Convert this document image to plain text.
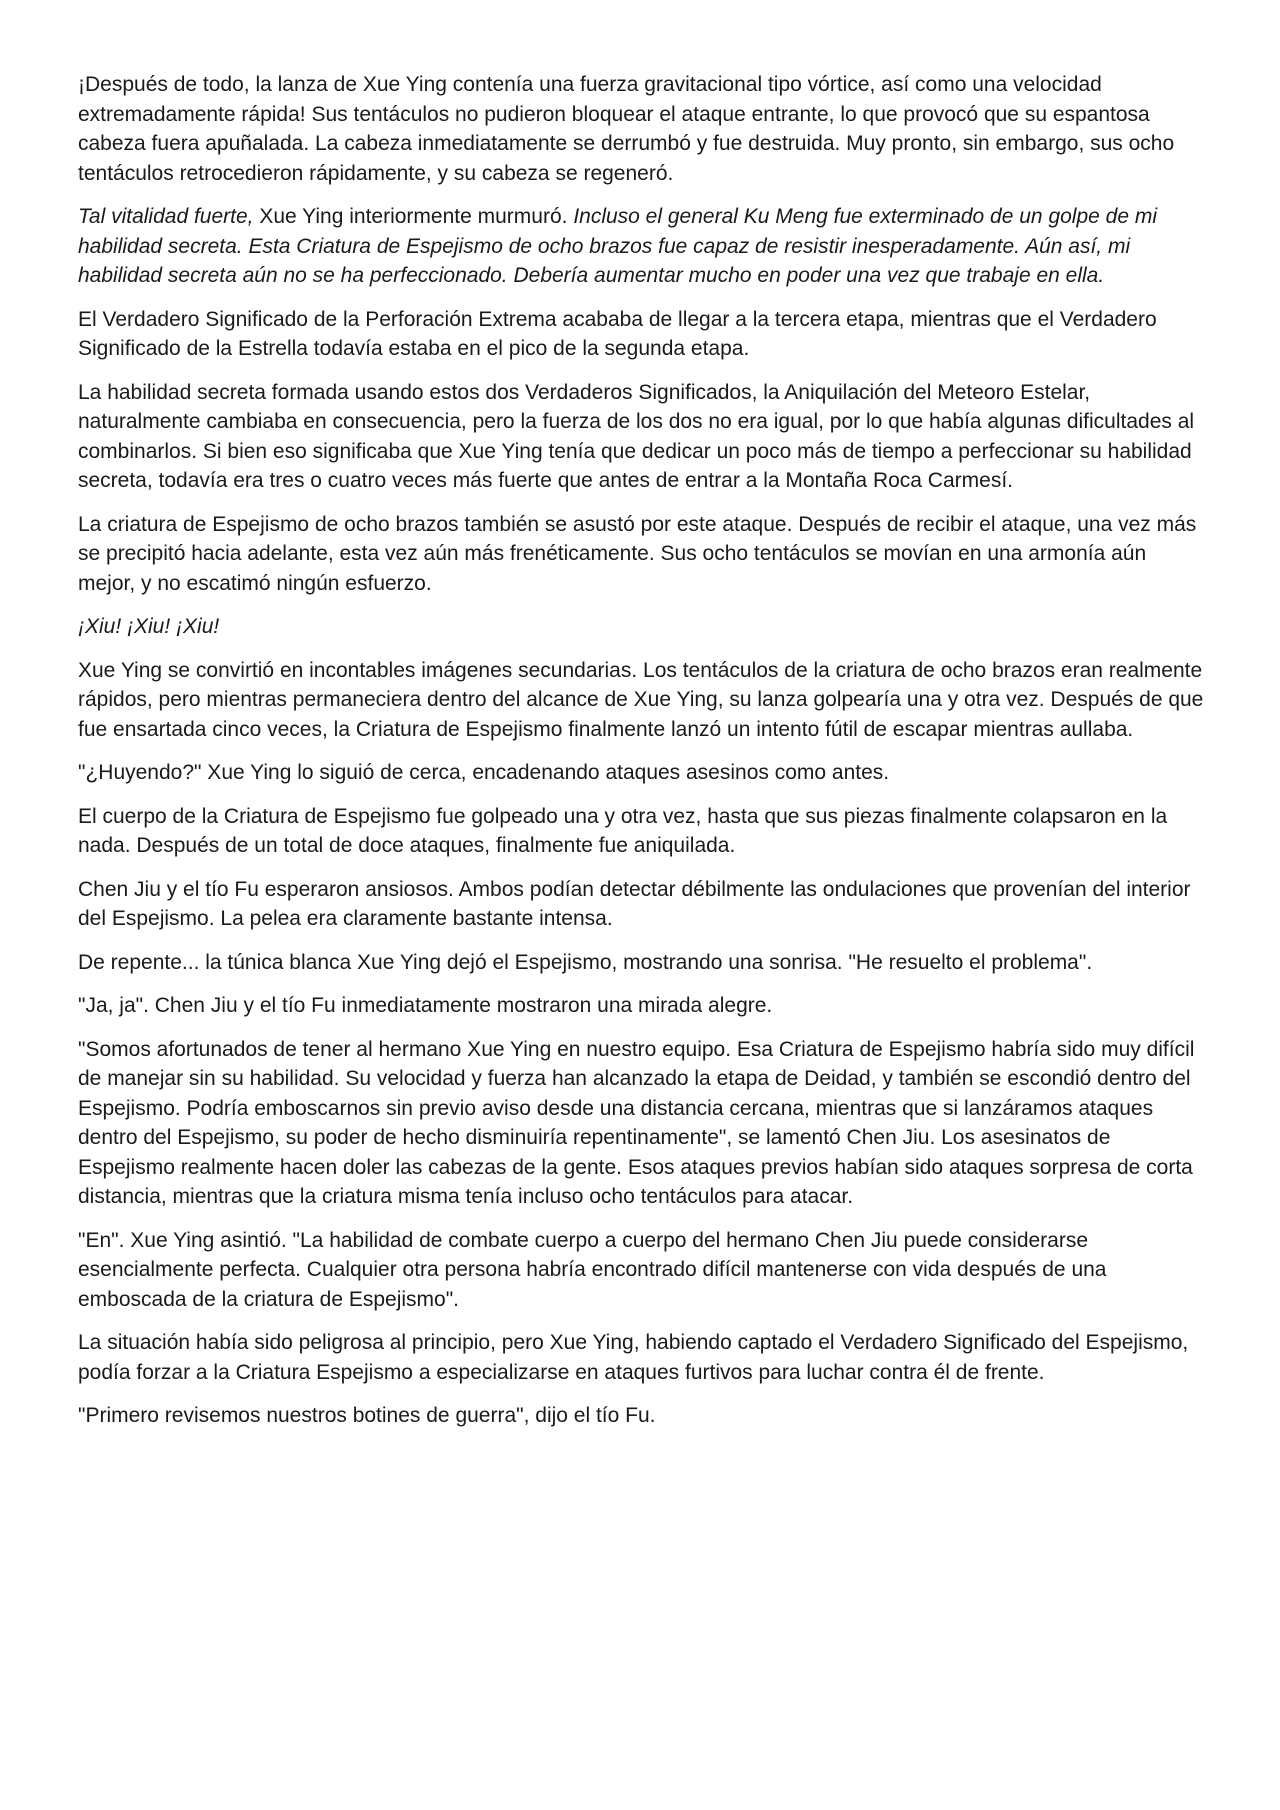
¡Después de todo, la lanza de Xue Ying contenía una fuerza gravitacional tipo vórtice, así como una velocidad extremadamente rápida! Sus tentáculos no pudieron bloquear el ataque entrante, lo que provocó que su espantosa cabeza fuera apuñalada. La cabeza inmediatamente se derrumbó y fue destruida. Muy pronto, sin embargo, sus ocho tentáculos retrocedieron rápidamente, y su cabeza se regeneró.

Tal vitalidad fuerte, Xue Ying interiormente murmuró. Incluso el general Ku Meng fue exterminado de un golpe de mi habilidad secreta. Esta Criatura de Espejismo de ocho brazos fue capaz de resistir inesperadamente. Aún así, mi habilidad secreta aún no se ha perfeccionado. Debería aumentar mucho en poder una vez que trabaje en ella.

El Verdadero Significado de la Perforación Extrema acababa de llegar a la tercera etapa, mientras que el Verdadero Significado de la Estrella todavía estaba en el pico de la segunda etapa.

La habilidad secreta formada usando estos dos Verdaderos Significados, la Aniquilación del Meteoro Estelar, naturalmente cambiaba en consecuencia, pero la fuerza de los dos no era igual, por lo que había algunas dificultades al combinarlos. Si bien eso significaba que Xue Ying tenía que dedicar un poco más de tiempo a perfeccionar su habilidad secreta, todavía era tres o cuatro veces más fuerte que antes de entrar a la Montaña Roca Carmesí.

La criatura de Espejismo de ocho brazos también se asustó por este ataque. Después de recibir el ataque, una vez más se precipitó hacia adelante, esta vez aún más frenéticamente. Sus ocho tentáculos se movían en una armonía aún mejor, y no escatimó ningún esfuerzo.

¡Xiu! ¡Xiu! ¡Xiu!

Xue Ying se convirtió en incontables imágenes secundarias. Los tentáculos de la criatura de ocho brazos eran realmente rápidos, pero mientras permaneciera dentro del alcance de Xue Ying, su lanza golpearía una y otra vez. Después de que fue ensartada cinco veces, la Criatura de Espejismo finalmente lanzó un intento fútil de escapar mientras aullaba.

"¿Huyendo?" Xue Ying lo siguió de cerca, encadenando ataques asesinos como antes.

El cuerpo de la Criatura de Espejismo fue golpeado una y otra vez, hasta que sus piezas finalmente colapsaron en la nada. Después de un total de doce ataques, finalmente fue aniquilada.

Chen Jiu y el tío Fu esperaron ansiosos. Ambos podían detectar débilmente las ondulaciones que provenían del interior del Espejismo. La pelea era claramente bastante intensa.

De repente... la túnica blanca Xue Ying dejó el Espejismo, mostrando una sonrisa. "He resuelto el problema".

"Ja, ja". Chen Jiu y el tío Fu inmediatamente mostraron una mirada alegre.

"Somos afortunados de tener al hermano Xue Ying en nuestro equipo. Esa Criatura de Espejismo habría sido muy difícil de manejar sin su habilidad. Su velocidad y fuerza han alcanzado la etapa de Deidad, y también se escondió dentro del Espejismo. Podría emboscarnos sin previo aviso desde una distancia cercana, mientras que si lanzáramos ataques dentro del Espejismo, su poder de hecho disminuiría repentinamente", se lamentó Chen Jiu. Los asesinatos de Espejismo realmente hacen doler las cabezas de la gente. Esos ataques previos habían sido ataques sorpresa de corta distancia, mientras que la criatura misma tenía incluso ocho tentáculos para atacar.

"En". Xue Ying asintió. "La habilidad de combate cuerpo a cuerpo del hermano Chen Jiu puede considerarse esencialmente perfecta. Cualquier otra persona habría encontrado difícil mantenerse con vida después de una emboscada de la criatura de Espejismo".

La situación había sido peligrosa al principio, pero Xue Ying, habiendo captado el Verdadero Significado del Espejismo, podía forzar a la Criatura Espejismo a especializarse en ataques furtivos para luchar contra él de frente.

"Primero revisemos nuestros botines de guerra", dijo el tío Fu.
